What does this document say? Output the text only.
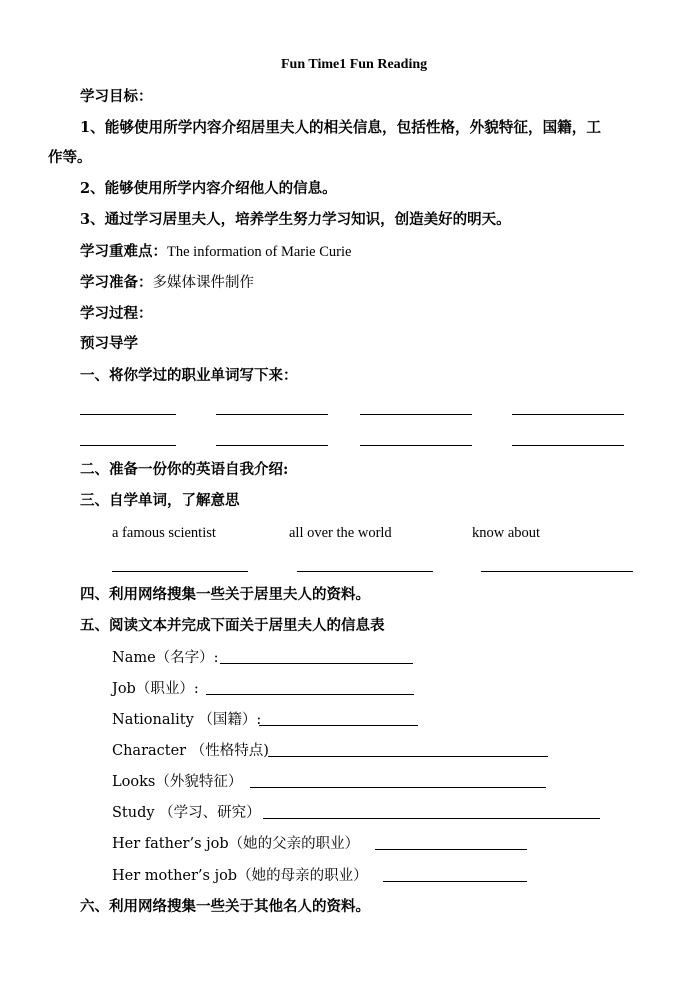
Fun Time1 Fun Reading
学习目标：
1、能够使用所学内容介绍居里夫人的相关信息，包括性格，外貌特征，国籍，工
作等。
2、能够使用所学内容介绍他人的信息。
3、通过学习居里夫人，培养学生努力学习知识，创造美好的明天。
学习重难点：The information of Marie Curie
学习准备：多媒体课件制作
学习过程：
预习导学
一、将你学过的职业单词写下来：
二、准备一份你的英语自我介绍:
三、自学单词，了解意思
a famous scientist	all over the world	know about
四、利用网络搜集一些关于居里夫人的资料。
五、阅读文本并完成下面关于居里夫人的信息表
Name（名字）:
Job（职业）:
Nationality （国籍）:
Character （性格特点)
Looks（外貌特征）
Study （学习、研究）
Her father’s job（她的父亲的职业）
Her mother’s job（她的母亲的职业）
六、利用网络搜集一些关于其他名人的资料。
